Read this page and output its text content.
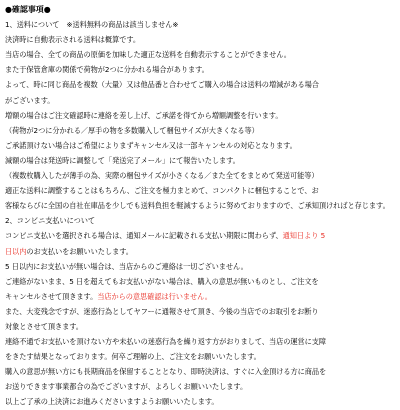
●確認事項●
1、送料について　※送料無料の商品は該当しません※
決済時に自動表示される送料は概算です。
当店の場合、全ての商品の原価を加味した適正な送料を自動表示することができません。
また于保管倉庫の関係で荷物が2つに分かれる場合があります。
よって、時に同じ商品を複数（大量）又は他品番と合わせてご購入の場合は送料の増減がある場合
がございます。
増額の場合はご注文確認時に連絡を差し上げ、ご承諾を得てから増額調整を行います。
（荷物が2つに分かれる／厚手の物を多数購入して梱包サイズが大きくなる等）
ご承諾頂けない場合はご希望によりまずキャンセル又は一部キャンセルの対応となります。
減額の場合は発送時に調整して「発送完了メール」にて報告いたします。
（複数枚購入したが薄手の為、実際の梱包サイズが小さくなる／また全てをまとめて発送可能等）
適正な送料に調整することはもちろん、ご注文を極力まとめて、コンパクトに梱包することで、お
客様ならびに全国の自社在庫品を少しでも送料負担を軽減するように努めておりますので、ご承知頂ければと存じます。
2、コンビニ支払いについて
コンビニ支払いを選択される場合は、通知メールに記載される支払い期限に関わらず、通知日より 5
日以内のお支払いをお願いいたします。
5 日以内にお支払いが無い場合は、当店からのご連絡は一切ございません。
ご連絡がないまま、5 日を超えてもお支払いがない場合は、購入の意思が無いものとし、ご注文を
キャンセルさせて頂きます。当店からの意思確認は行いません。
また、大変残念ですが、迷惑行為としてヤフーに通報させて頂き、今後の当店でのお取引をお断り
対象とさせて頂きます。
連絡不通でお支払いを頂けない方や未払いの迷惑行為を繰り返す方がおりまして、当店の運営に支障
をきたす結果となっております。何卒ご理解の上、ご注文をお願いいたします。
購入の意思が無い方にも長期商品を保留することとなり、即時決済は、すぐに入金頂ける方に商品を
お送りできます事業都合の為でございますが、よろしくお願いいたします。
以上ご了承の上決済にお進みくださいますようお願いいたします。
